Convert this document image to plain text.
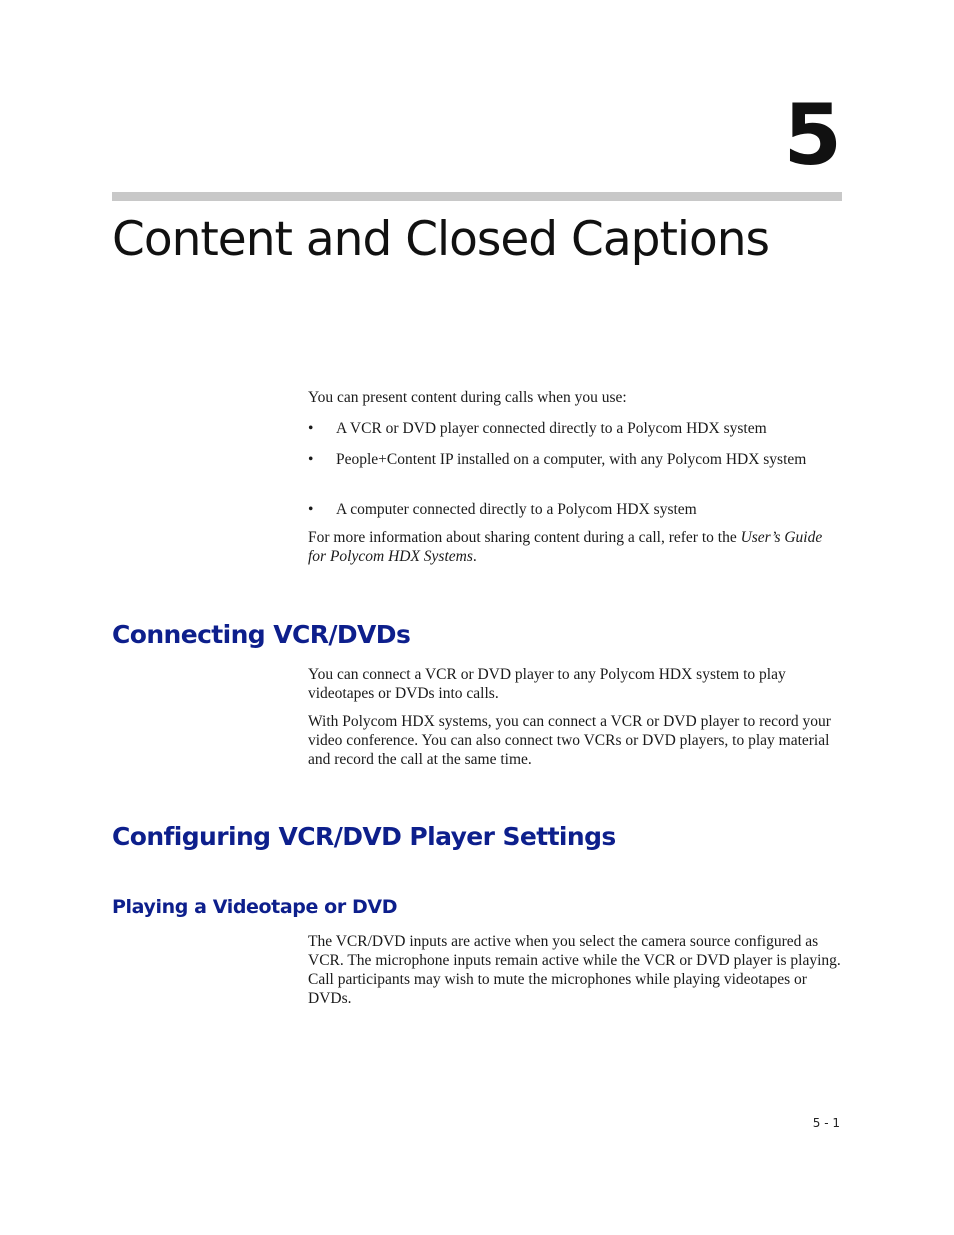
5
Content and Closed Captions

You can present content during calls when you use:

• A VCR or DVD player connected directly to a Polycom HDX system
• People+Content IP installed on a computer, with any Polycom HDX system
• A computer connected directly to a Polycom HDX system

For more information about sharing content during a call, refer to the User’s Guide for Polycom HDX Systems.

Connecting VCR/DVDs

You can connect a VCR or DVD player to any Polycom HDX system to play videotapes or DVDs into calls.

With Polycom HDX systems, you can connect a VCR or DVD player to record your video conference. You can also connect two VCRs or DVD players, to play material and record the call at the same time.

Configuring VCR/DVD Player Settings
Playing a Videotape or DVD

The VCR/DVD inputs are active when you select the camera source configured as VCR. The microphone inputs remain active while the VCR or DVD player is playing. Call participants may wish to mute the microphones while playing videotapes or DVDs.

5 - 1
